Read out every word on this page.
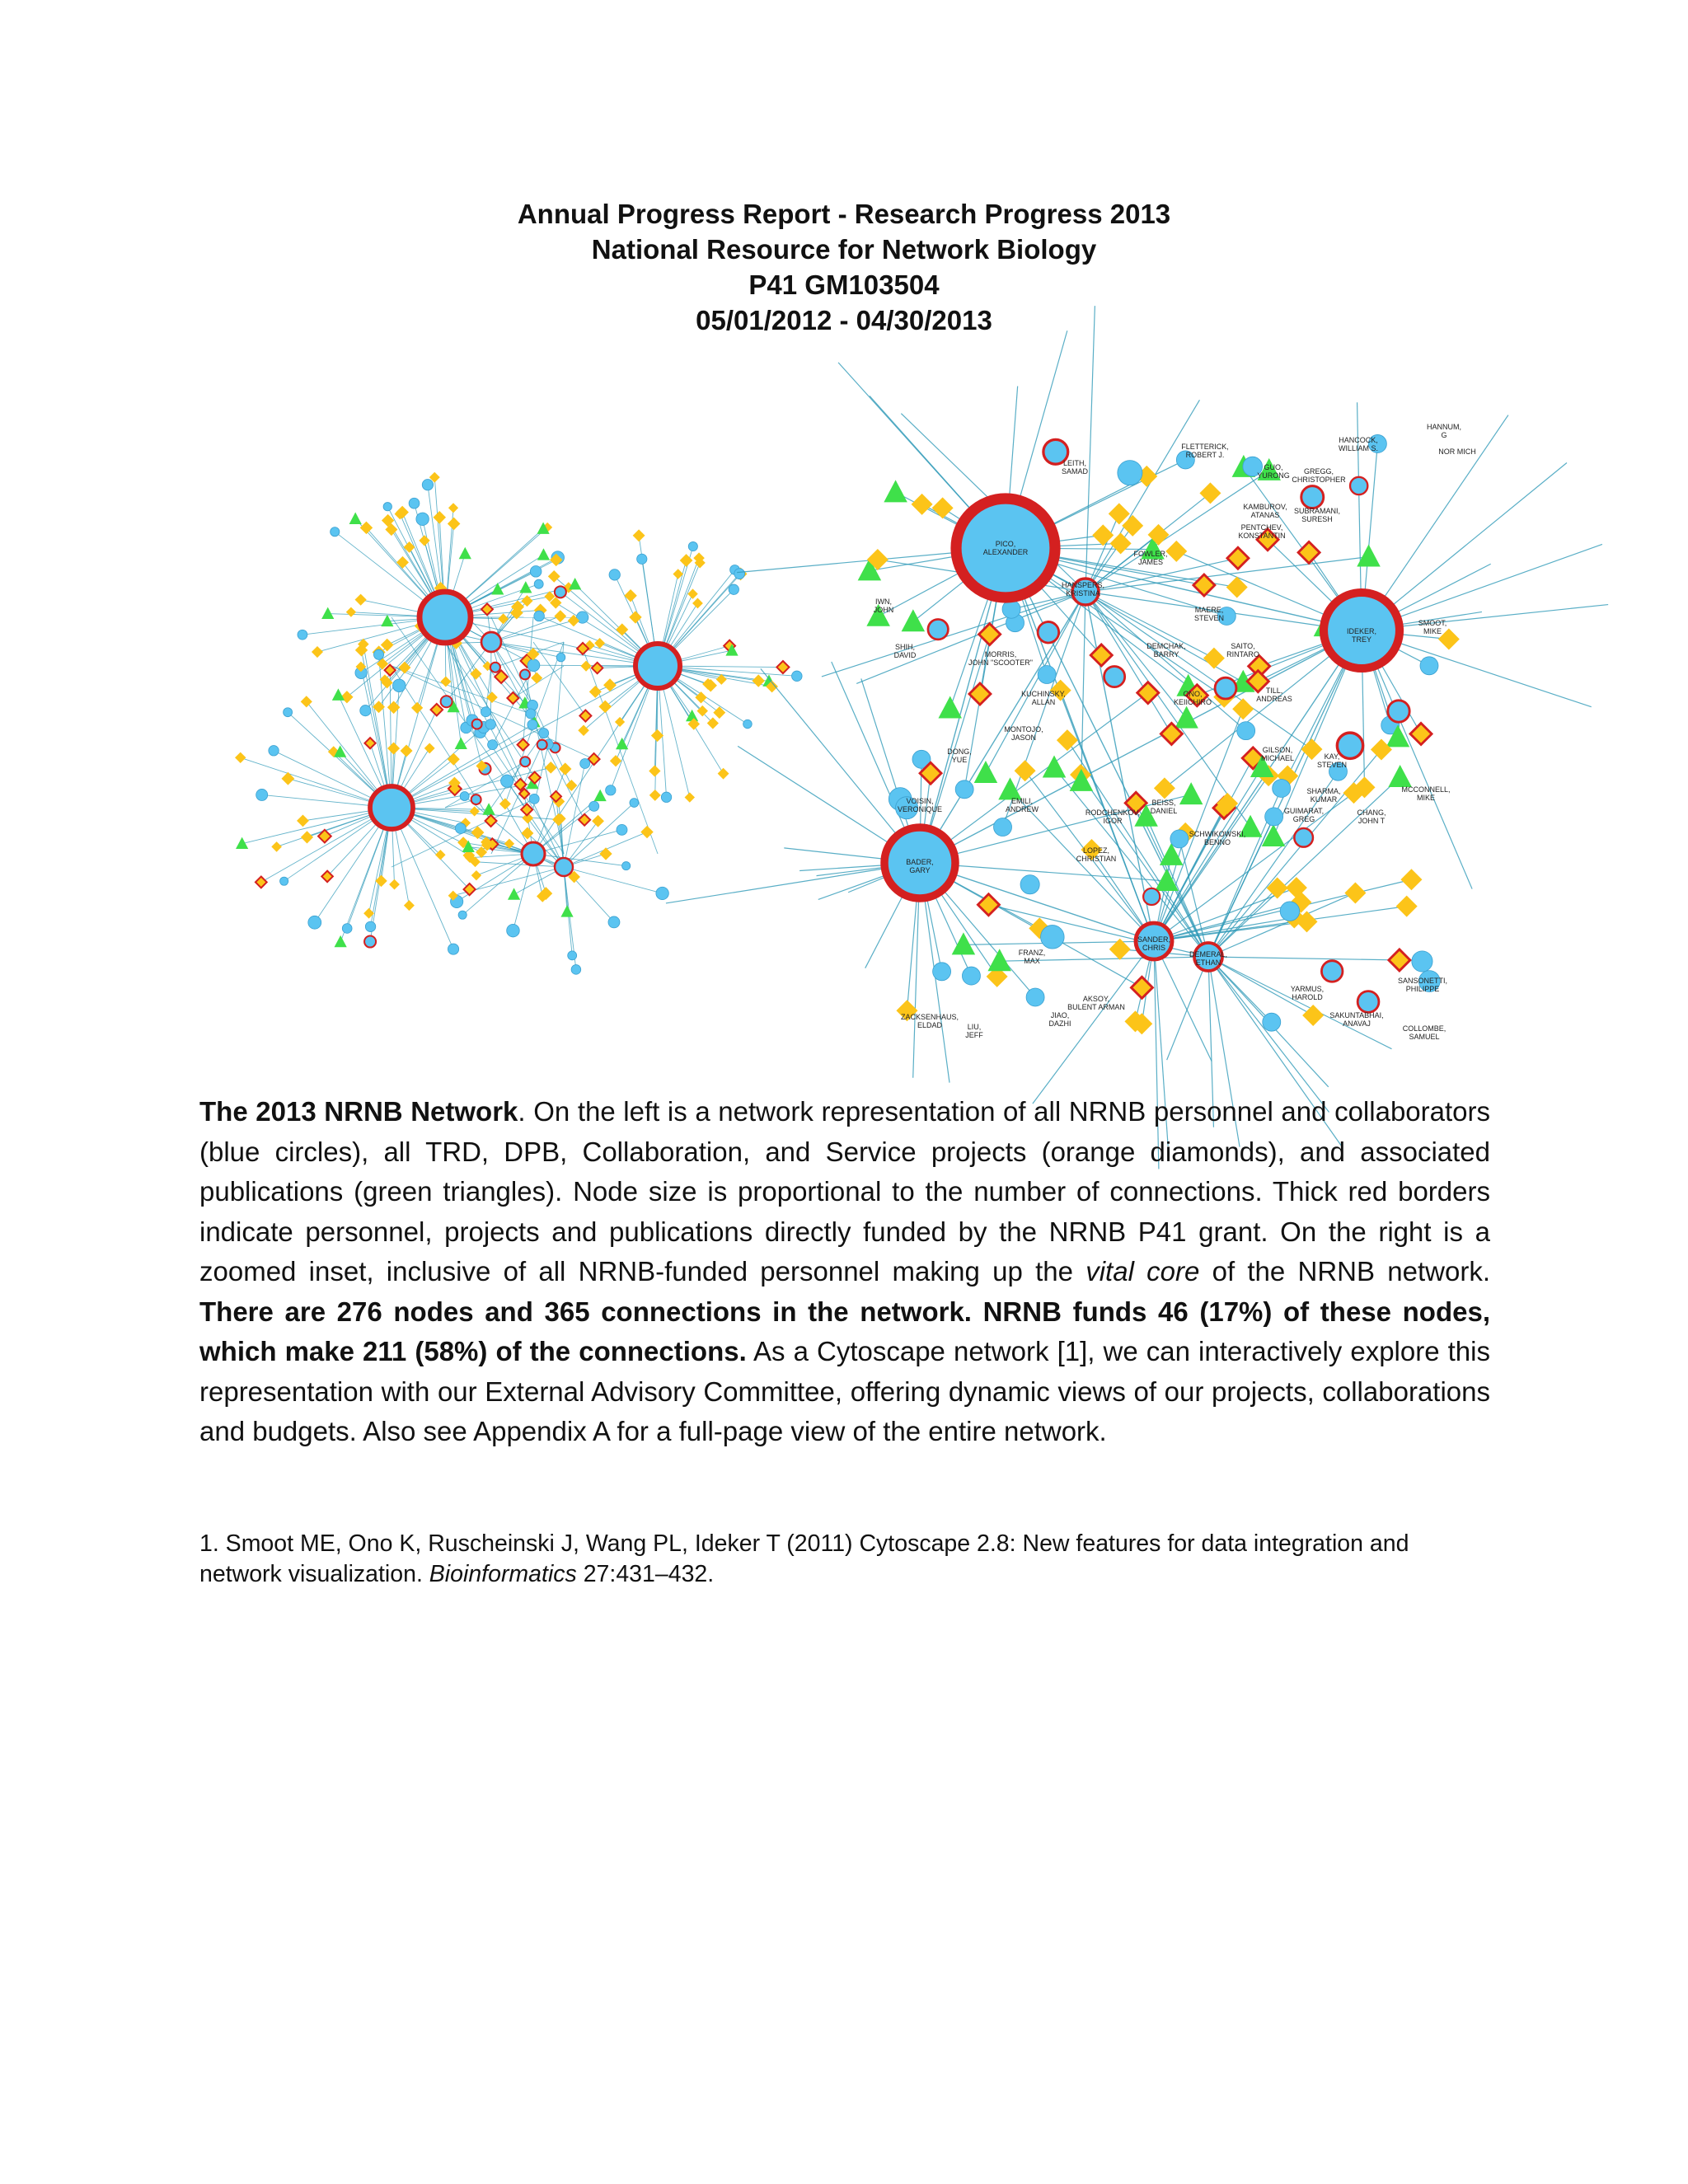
Annual Progress Report - Research Progress 2013
National Resource for Network Biology
P41 GM103504
05/01/2012 - 04/30/2013
HANNUM, G
HANCOCK, WILLIAM S.	NOR MICH
FLETTERICK, ROBERT J.
LEITH, SAMAD	GUO, YURONG	GREGG, CHRISTOPHER
KAMBUROV, ATANAS	SUBRAMANI, SURESH
PENTCHEV, KONSTANTIN
PICO, ALEXANDER	FOWLER, JAMES
HANSPERS, KRISTINA
IWN, JOHN	MAERE, STEVEN
IDEKER, TREY
SMOOT, MIKE
SHIH, DAVID	MORRIS, JOHN "SCOOTER"
DEMCHAK, BARRY
SAITO, RINTARO
KUCHINSKY, ALLAN
ONO, KEIICHIRO
TILL, ANDREAS
MONTOJO, JASON
GILSON, MICHAEL	KAY, STEVEN
DONG, YUE
VOISIN, VERONIQUE
EMILI, ANDREW
SHARMA, KUMAR
MCCONNELL, MIKE
RODCHENKOV, IGOR
BEISS, DANIEL	GUIMARAT, GREG
CHANG, JOHN T
BADER, GARY
SCHWIKOWSKI, BENNO
LOPEZ, CHRISTIAN
SANDER, CHRIS
DEMERAL, ETHAN
FRANZ, MAX
AKSOY, BULENT ARMAN
YARMUS, HAROLD
SANSONETTI, PHILIPPE
ZACKSENHAUS, ELDAD
JIAO, DAZHI
SAKUNTABHAI, ANAVAJ
LIU, JEFF
COLLOMBE, SAMUEL
The 2013 NRNB Network. On the left is a network representation of all NRNB personnel and collaborators (blue circles), all TRD, DPB, Collaboration, and Service projects (orange diamonds), and associated publications (green triangles). Node size is proportional to the number of connections. Thick red borders indicate personnel, projects and publications directly funded by the NRNB P41 grant. On the right is a zoomed inset, inclusive of all NRNB-funded personnel making up the vital core of the NRNB network. There are 276 nodes and 365 connections in the network. NRNB funds 46 (17%) of these nodes, which make 211 (58%) of the connections. As a Cytoscape network [1], we can interactively explore this representation with our External Advisory Committee, offering dynamic views of our projects, collaborations and budgets. Also see Appendix A for a full-page view of the entire network.
1. Smoot ME, Ono K, Ruscheinski J, Wang PL, Ideker T (2011) Cytoscape 2.8: New features for data integration and network visualization. Bioinformatics 27:431–432.
